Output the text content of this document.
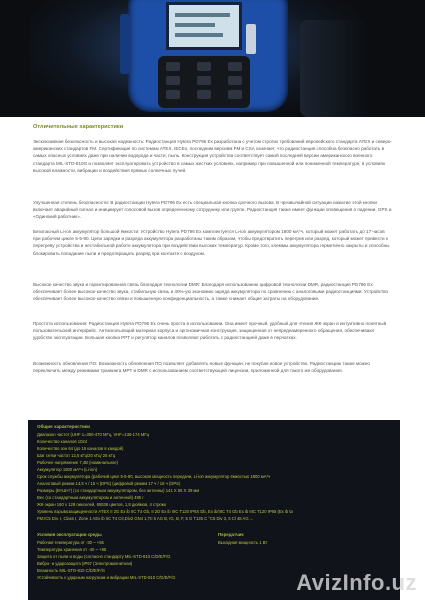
Отличительные характеристики

Эксклюзивная безопасность и высокая надежность: Радиостанция Hytera PD796 Ex разработана с учетом строгих требований европейского стандарта ATEX и северо-американских стандартов FM. Сертификация по системам ATEX, IECEx, последним версиям FM и CSA означает, что радиостанция способна безопасно работать в самых опасных условиях даже при наличии водорода и части, пыль. Конструкция устройства соответствует самой последней версии американского военного стандарта MIL-STD-810G и позволяет эксплуатировать устройство в самых жестких условиях, например при повышенной или пониженной температуре, в условиях высокой влажности, вибрации и воздействия прямых солнечных лучей.

Улучшенная степень безопасности: В радиостанции Hytera PD796 Ex есть специальная кнопка срочного вызова. В чрезвычайной ситуации нажатие этой кнопки включает аварийный сигнал и инициирует голосовой вызов определенному сотруднику или группе. Радиостанция также имеет функции оповещения о падении, GPS и «Одинокий работник».

Безопасный Li-ion аккумулятор большой ёмкости: Устройство Hytera PD796 Ex комплектуется Li-ion аккумулятором 1800 мА*ч, который может работать до 17 часов при рабочем цикле 5-5-90. Цепи зарядки и разряда аккумулятора разработаны таким образом, чтобы предотвратить перегрев или разряд, который может привести к перегреву устройства и нестабильной работе аккумулятора при воздействии высоких температур. Кроме того, клеммы аккумулятора герметично закрыты и способны блокировать попадание пыли и предотвращать разряд при контакте с воздухом.

Высокое качество звука и гарантированная связь благодаря технологии DMR: Благодаря использованию цифровой технологии DMR, радиостанция PD796 Ex обеспечивает более высокое качество звука, стабильную связь и 40%-ую экономию заряда аккумулятора по сравнению с аналоговыми радиостанциями. Устройство обеспечивает более высокое качество связи и повышенную конфиденциальность, а также снижает общие затраты на оборудование.

Простота использования: Радиостанция Hytera PD796 Ex очень проста в использовании. Она имеет прочный, удобный для чтения ЖК-экран и интуитивно понятный пользовательский интерфейс. Антискользящий материал корпуса и эргономичная конструкция, защищенная от непреднамеренного обращения, обеспечивают удобство эксплуатации. Большая кнопка PPT и регулятор каналов позволяют работать с радиостанцией даже в перчатках.

Возможность обновления ПО: Возможность обновления ПО позволяет добавлять новые функции, не покупая новое устройство. Радиостанцию также можно переключить между режимами транкинга MPT и DMR с использованием соответствующей лицензии, приложенной для такого же оборудования.

Общие характеристики
Диапазон частот (UHF 1=350-470 МГц, VHF=136-174 МГц
Количество каналов 1024
Количество зон 64 (до 16 каналов в каждой)
Шаг сетки частот 12,5 кГц/20 кГц/ 25 кГц
Рабочее напряжение 7,4В (номинальное)
Аккумулятор 1800 мА*ч (Li-ion)
Срок службы аккумулятора (рабочий цикл 5-5-90, высокая мощность передачи, Li-ion аккумулятор ёмкостью 1800 мА*ч
Аналоговый режим 14,5 ч / 15 ч (DPS) (цифровой режим 17 ч / 18 ч (DPS)
Размеры (В×Ш×Г) (со стандартным аккумулятором, без антенны) 141 X 55 X 39 мм
Вес (со стандартным аккумулятором и антенной) 495 г
ЖК-экран 160 x 128 пикселей, 65536 цветов, 1,8 дюймов, 4 строки
Уровень взрывозащищенности ATEX II 2G Ex ib IIC T4 Gb, II 2D Ex ib IIIC T120 IP6X Db, Ex ib/IIIC T4 Gb Ex ib IIIC T120 IP65 (Ex ib ta
FM:IC5 Div. I, Class I, Zone 1 AEx ib IIC T4 CII,Div2 GN4 1,TII 5 AG B, IG, B, F, 5 G T135 C °C5 Div 3, 6 Cl 48 AG ...
Условия эксплуатации среды
Рабочая температура от -30 ~ +55
Температура хранения от -40 ~ +85
Защита от пыли и воды (согласно стандарту MIL-STD-810 C/D/E/F/G
Вибро- и ударозащита (IP67 (Электромагнитная)
Влажность MIL-STD-810 C/D/E/F/G
Устойчивость к ударным нагрузкам и вибрации MIL-STD-810 C/D/E/F/G
Передатчик
Выходная мощность 1 Вт
AvizInfo.uz
